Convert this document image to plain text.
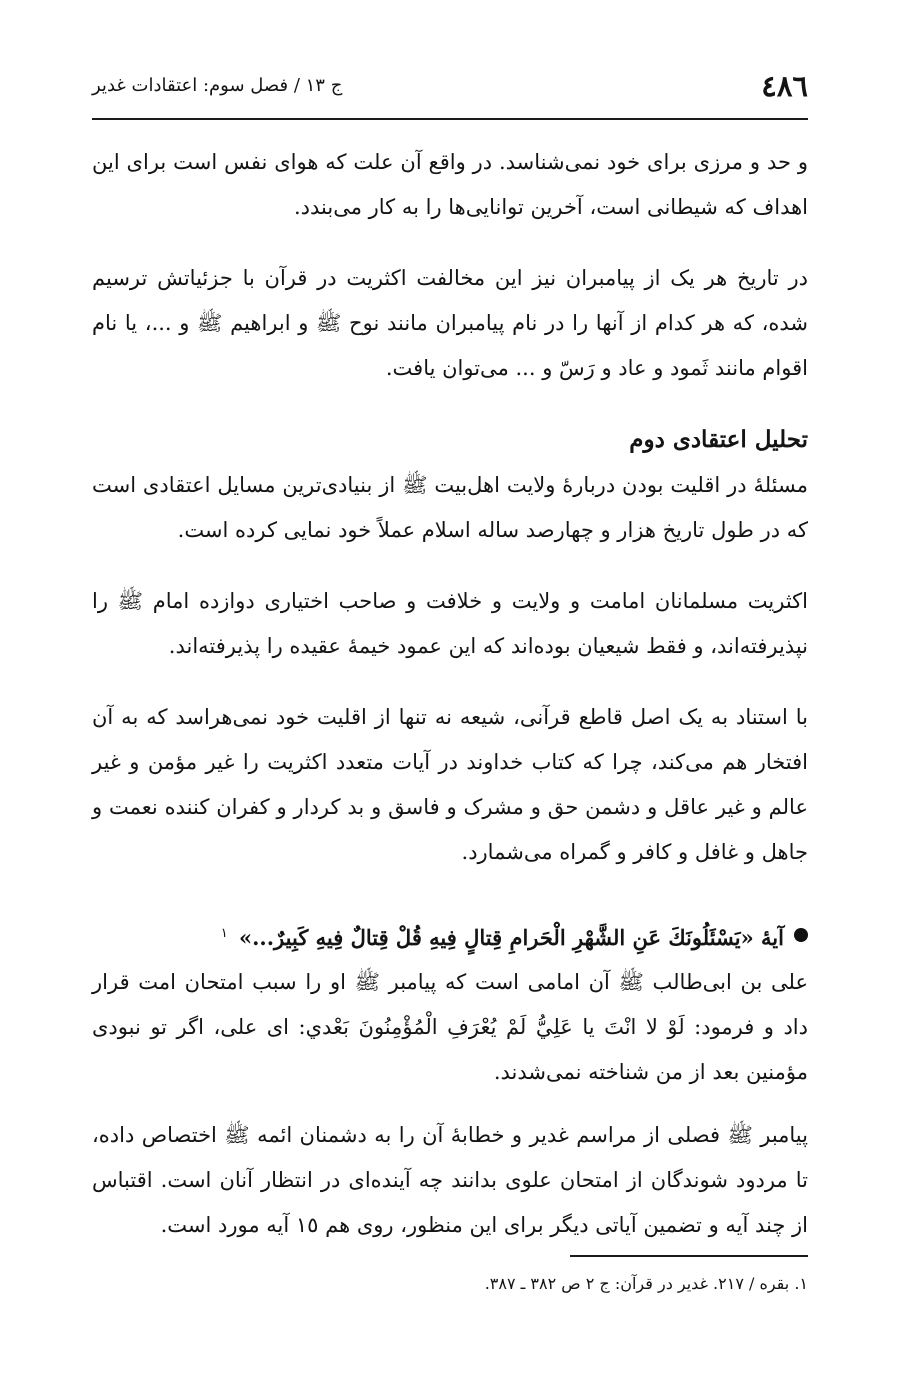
٤٨٦
ج ۱۳ / فصل سوم: اعتقادات غدیر

و حد و مرزی برای خود نمی‌شناسد. در واقع آن علت که هوای نفس است برای این اهداف که شیطانی است، آخرین توانایی‌ها را به کار می‌بندد.

در تاریخ هر یک از پیامبران نیز این مخالفت اکثریت در قرآن با جزئیاتش ترسیم شده، که هر کدام از آنها را در نام پیامبران مانند نوح ﷺ و ابراهیم ﷺ و ...، یا نام اقوام مانند ثَمود و عاد و رَسّ و ... می‌توان یافت.

تحلیل اعتقادی دوم

مسئلهٔ در اقلیت بودن دربارهٔ ولایت اهل‌بیت ﷺ از بنیادی‌ترین مسایل اعتقادی است که در طول تاریخ هزار و چهارصد ساله اسلام عملاً خود نمایی کرده است.

اکثریت مسلمانان امامت و ولایت و خلافت و صاحب اختیاری دوازده امام ﷺ را نپذیرفته‌اند، و فقط شیعیان بوده‌اند که این عمود خیمهٔ عقیده را پذیرفته‌اند.

با استناد به یک اصل قاطع قرآنی، شیعه نه تنها از اقلیت خود نمی‌هراسد که به آن افتخار هم می‌کند، چرا که کتاب خداوند در آیات متعدد اکثریت را غیر مؤمن و غیر عالم و غیر عاقل و دشمن حق و مشرک و فاسق و بد کردار و کفران کننده نعمت و جاهل و غافل و کافر و گمراه می‌شمارد.

آیهٔ «يَسْئَلُونَكَ عَنِ الشَّهْرِ الْحَرامِ قِتالٍ فِيهِ قُلْ قِتالٌ فِيهِ كَبِيرٌ...» $^١$

علی بن ابی‌طالب ﷺ آن امامی است که پیامبر ﷺ او را سبب امتحان امت قرار داد و فرمود: لَوْ لا انْتَ يا عَلِيُّ لَمْ يُعْرَفِ الْمُؤْمِنُونَ بَعْدي: ای علی، اگر تو نبودی مؤمنین بعد از من شناخته نمی‌شدند.

پیامبر ﷺ فصلی از مراسم غدیر و خطابهٔ آن را به دشمنان ائمه ﷺ اختصاص داده، تا مردود شوندگان از امتحان علوی بدانند چه آینده‌ای در انتظار آنان است. اقتباس از چند آیه و تضمین آیاتی دیگر برای این منظور، روی هم ١٥ آیه مورد است.

١. بقره / ٢١٧. غدیر در قرآن: ج ٢ ص ٣٨٢ ـ ٣٨٧.
